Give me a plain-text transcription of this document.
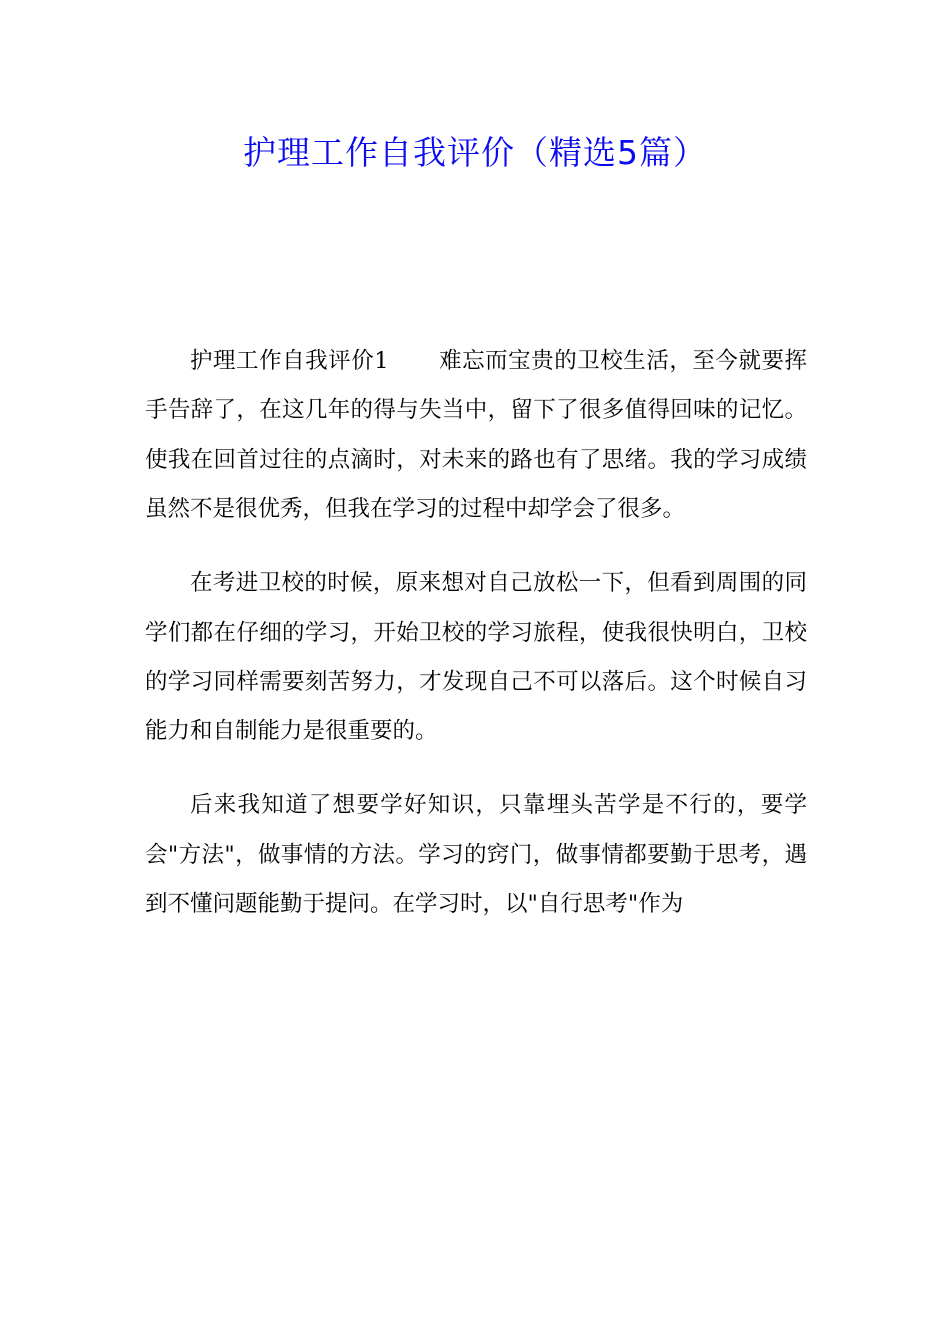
护理工作自我评价（精选5篇）

护理工作自我评价1 难忘而宝贵的卫校生活，至今就要挥手告辞了，在这几年的得与失当中，留下了很多值得回味的记忆。使我在回首过往的点滴时，对未来的路也有了思绪。我的学习成绩虽然不是很优秀，但我在学习的过程中却学会了很多。

在考进卫校的时候，原来想对自己放松一下，但看到周围的同学们都在仔细的学习，开始卫校的学习旅程，使我很快明白，卫校的学习同样需要刻苦努力，才发现自己不可以落后。这个时候自习能力和自制能力是很重要的。

后来我知道了想要学好知识，只靠埋头苦学是不行的，要学会"方法"，做事情的方法。学习的窍门，做事情都要勤于思考，遇到不懂问题能勤于提问。在学习时，以"自行思考"作为
